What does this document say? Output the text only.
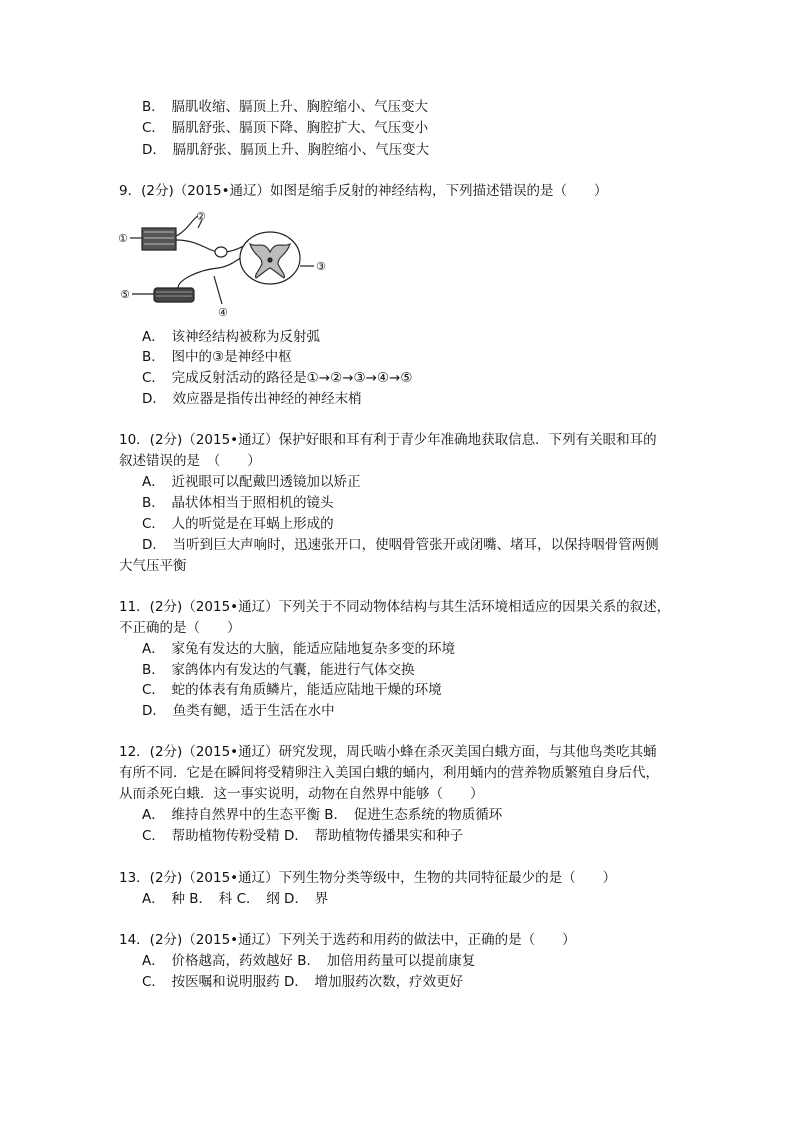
B．　膈肌收缩、膈顶上升、胸腔缩小、气压变大
C．　膈肌舒张、膈顶下降、胸腔扩大、气压变小
D．　膈肌舒张、膈顶上升、胸腔缩小、气压变大
9．(2分)（2015•通辽）如图是缩手反射的神经结构，下列描述错误的是（　　）
①
②
③
④
⑤
A．　该神经结构被称为反射弧
B．　图中的③是神经中枢
C．　完成反射活动的路径是①→②→③→④→⑤
D．　效应器是指传出神经的神经末梢
10．(2分)（2015•通辽）保护好眼和耳有利于青少年准确地获取信息．下列有关眼和耳的
叙述错误的是　（　　）
A．　近视眼可以配戴凹透镜加以矫正
B．　晶状体相当于照相机的镜头
C．　人的听觉是在耳蜗上形成的
D．　当听到巨大声响时，迅速张开口，使咽骨管张开或闭嘴、堵耳，以保持咽骨管两侧
大气压平衡
11．(2分)（2015•通辽）下列关于不同动物体结构与其生活环境相适应的因果关系的叙述，
不正确的是（　　）
A．　家兔有发达的大脑，能适应陆地复杂多变的环境
B．　家鸽体内有发达的气囊，能进行气体交换
C．　蛇的体表有角质鳞片，能适应陆地干燥的环境
D．　鱼类有鳃，适于生活在水中
12．(2分)（2015•通辽）研究发现，周氏啮小蜂在杀灭美国白蛾方面，与其他鸟类吃其蛹
有所不同．它是在瞬间将受精卵注入美国白蛾的蛹内，利用蛹内的营养物质繁殖自身后代，
从而杀死白蛾．这一事实说明，动物在自然界中能够（　　）
A．　维持自然界中的生态平衡 B．　促进生态系统的物质循环
C．　帮助植物传粉受精 D．　帮助植物传播果实和种子
13．(2分)（2015•通辽）下列生物分类等级中，生物的共同特征最少的是（　　）
A．　种 B．　科 C．　纲 D．　界
14．(2分)（2015•通辽）下列关于选药和用药的做法中，正确的是（　　）
A．　价格越高，药效越好 B．　加倍用药量可以提前康复
C．　按医嘱和说明服药 D．　增加服药次数，疗效更好
